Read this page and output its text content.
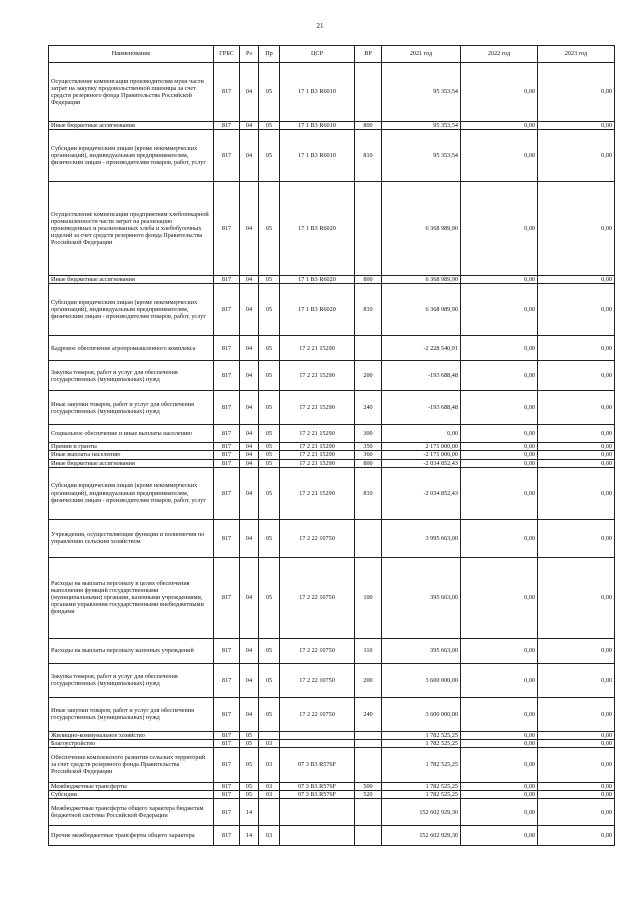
21
Наименование	ГРБС	Рз	Пр	ЦСР	ВР	2021 год	2022 год	2023 год
Осуществление компенсации производителям муки части затрат на закупку продовольственной пшеницы за счет средств резервного фонда Правительства Российской Федерации	817	04	05	17 1 В3 R6010		95 353,54	0,00	0,00
Иные бюджетные ассигнования	817	04	05	17 1 В3 R6010	800	95 353,54	0,00	0,00
Субсидии юридическим лицам (кроме некоммерческих организаций), индивидуальным предпринимателям, физическим лицам - производителям товаров, работ, услуг	817	04	05	17 1 В3 R6010	810	95 353,54	0,00	0,00
Осуществление компенсации предприятиям хлебопекарной промышленности части затрат на реализацию произведенных и реализованных хлеба и хлебобулочных изделий за счет средств резервного фонда Правительства Российской Федерации	817	04	05	17 1 В3 R6020		6 368 989,90	0,00	0,00
Иные бюджетные ассигнования	817	04	05	17 1 В3 R6020	800	6 368 989,90	0,00	0,00
Субсидии юридическим лицам (кроме некоммерческих организаций), индивидуальным предпринимателям, физическим лицам - производителям товаров, работ, услуг	817	04	05	17 1 В3 R6020	810	6 368 989,90	0,00	0,00
Кадровое обеспечение агропромышленного комплекса	817	04	05	17 2 21 15290		-2 228 540,91	0,00	0,00
Закупка товаров, работ и услуг для обеспечения государственных (муниципальных) нужд	817	04	05	17 2 21 15290	200	-193 688,48	0,00	0,00
Иные закупки товаров, работ и услуг для обеспечения государственных (муниципальных) нужд	817	04	05	17 2 21 15290	240	-193 688,48	0,00	0,00
Социальное обеспечение и иные выплаты населению	817	04	05	17 2 21 15290	300	0,00	0,00	0,00
Премии и гранты	817	04	05	17 2 21 15290	350	2 171 000,00	0,00	0,00
Иные выплаты населению	817	04	05	17 2 21 15290	360	-2 171 000,00	0,00	0,00
Иные бюджетные ассигнования	817	04	05	17 2 21 15290	800	-2 034 852,43	0,00	0,00
Субсидии юридическим лицам (кроме некоммерческих организаций), индивидуальным предпринимателям, физическим лицам - производителям товаров, работ, услуг	817	04	05	17 2 21 15290	810	-2 034 852,43	0,00	0,00
Учреждения, осуществляющие функции и полномочия по управлению сельским хозяйством	817	04	05	17 2 22 10750		3 995 663,00	0,00	0,00
Расходы на выплаты персоналу в целях обеспечения выполнения функций государственными (муниципальными) органами, казенными учреждениями, органами управления государственными внебюджетными фондами	817	04	05	17 2 22 10750	100	395 663,00	0,00	0,00
Расходы на выплаты персоналу казенных учреждений	817	04	05	17 2 22 10750	110	395 663,00	0,00	0,00
Закупка товаров, работ и услуг для обеспечения государственных (муниципальных) нужд	817	04	05	17 2 22 10750	200	3 600 000,00	0,00	0,00
Иные закупки товаров, работ и услуг для обеспечения государственных (муниципальных) нужд	817	04	05	17 2 22 10750	240	3 600 000,00	0,00	0,00
Жилищно-коммунальное хозяйство	817	05				1 782 525,25	0,00	0,00
Благоустройство	817	05	03			1 782 525,25	0,00	0,00
Обеспечение комплексного развития сельских территорий за счет средств резервного фонда Правительства Российской Федерации	817	05	03	07 3 В3 R576F		1 782 525,25	0,00	0,00
Межбюджетные трансферты	817	05	03	07 3 В3 R576F	500	1 782 525,25	0,00	0,00
Субсидии	817	05	03	07 3 В3 R576F	520	1 782 525,25	0,00	0,00
Межбюджетные трансферты общего характера бюджетам бюджетной системы Российской Федерации	817	14				152 602 929,30	0,00	0,00
Прочие межбюджетные трансферты общего характера	817	14	03			152 602 929,30	0,00	0,00
